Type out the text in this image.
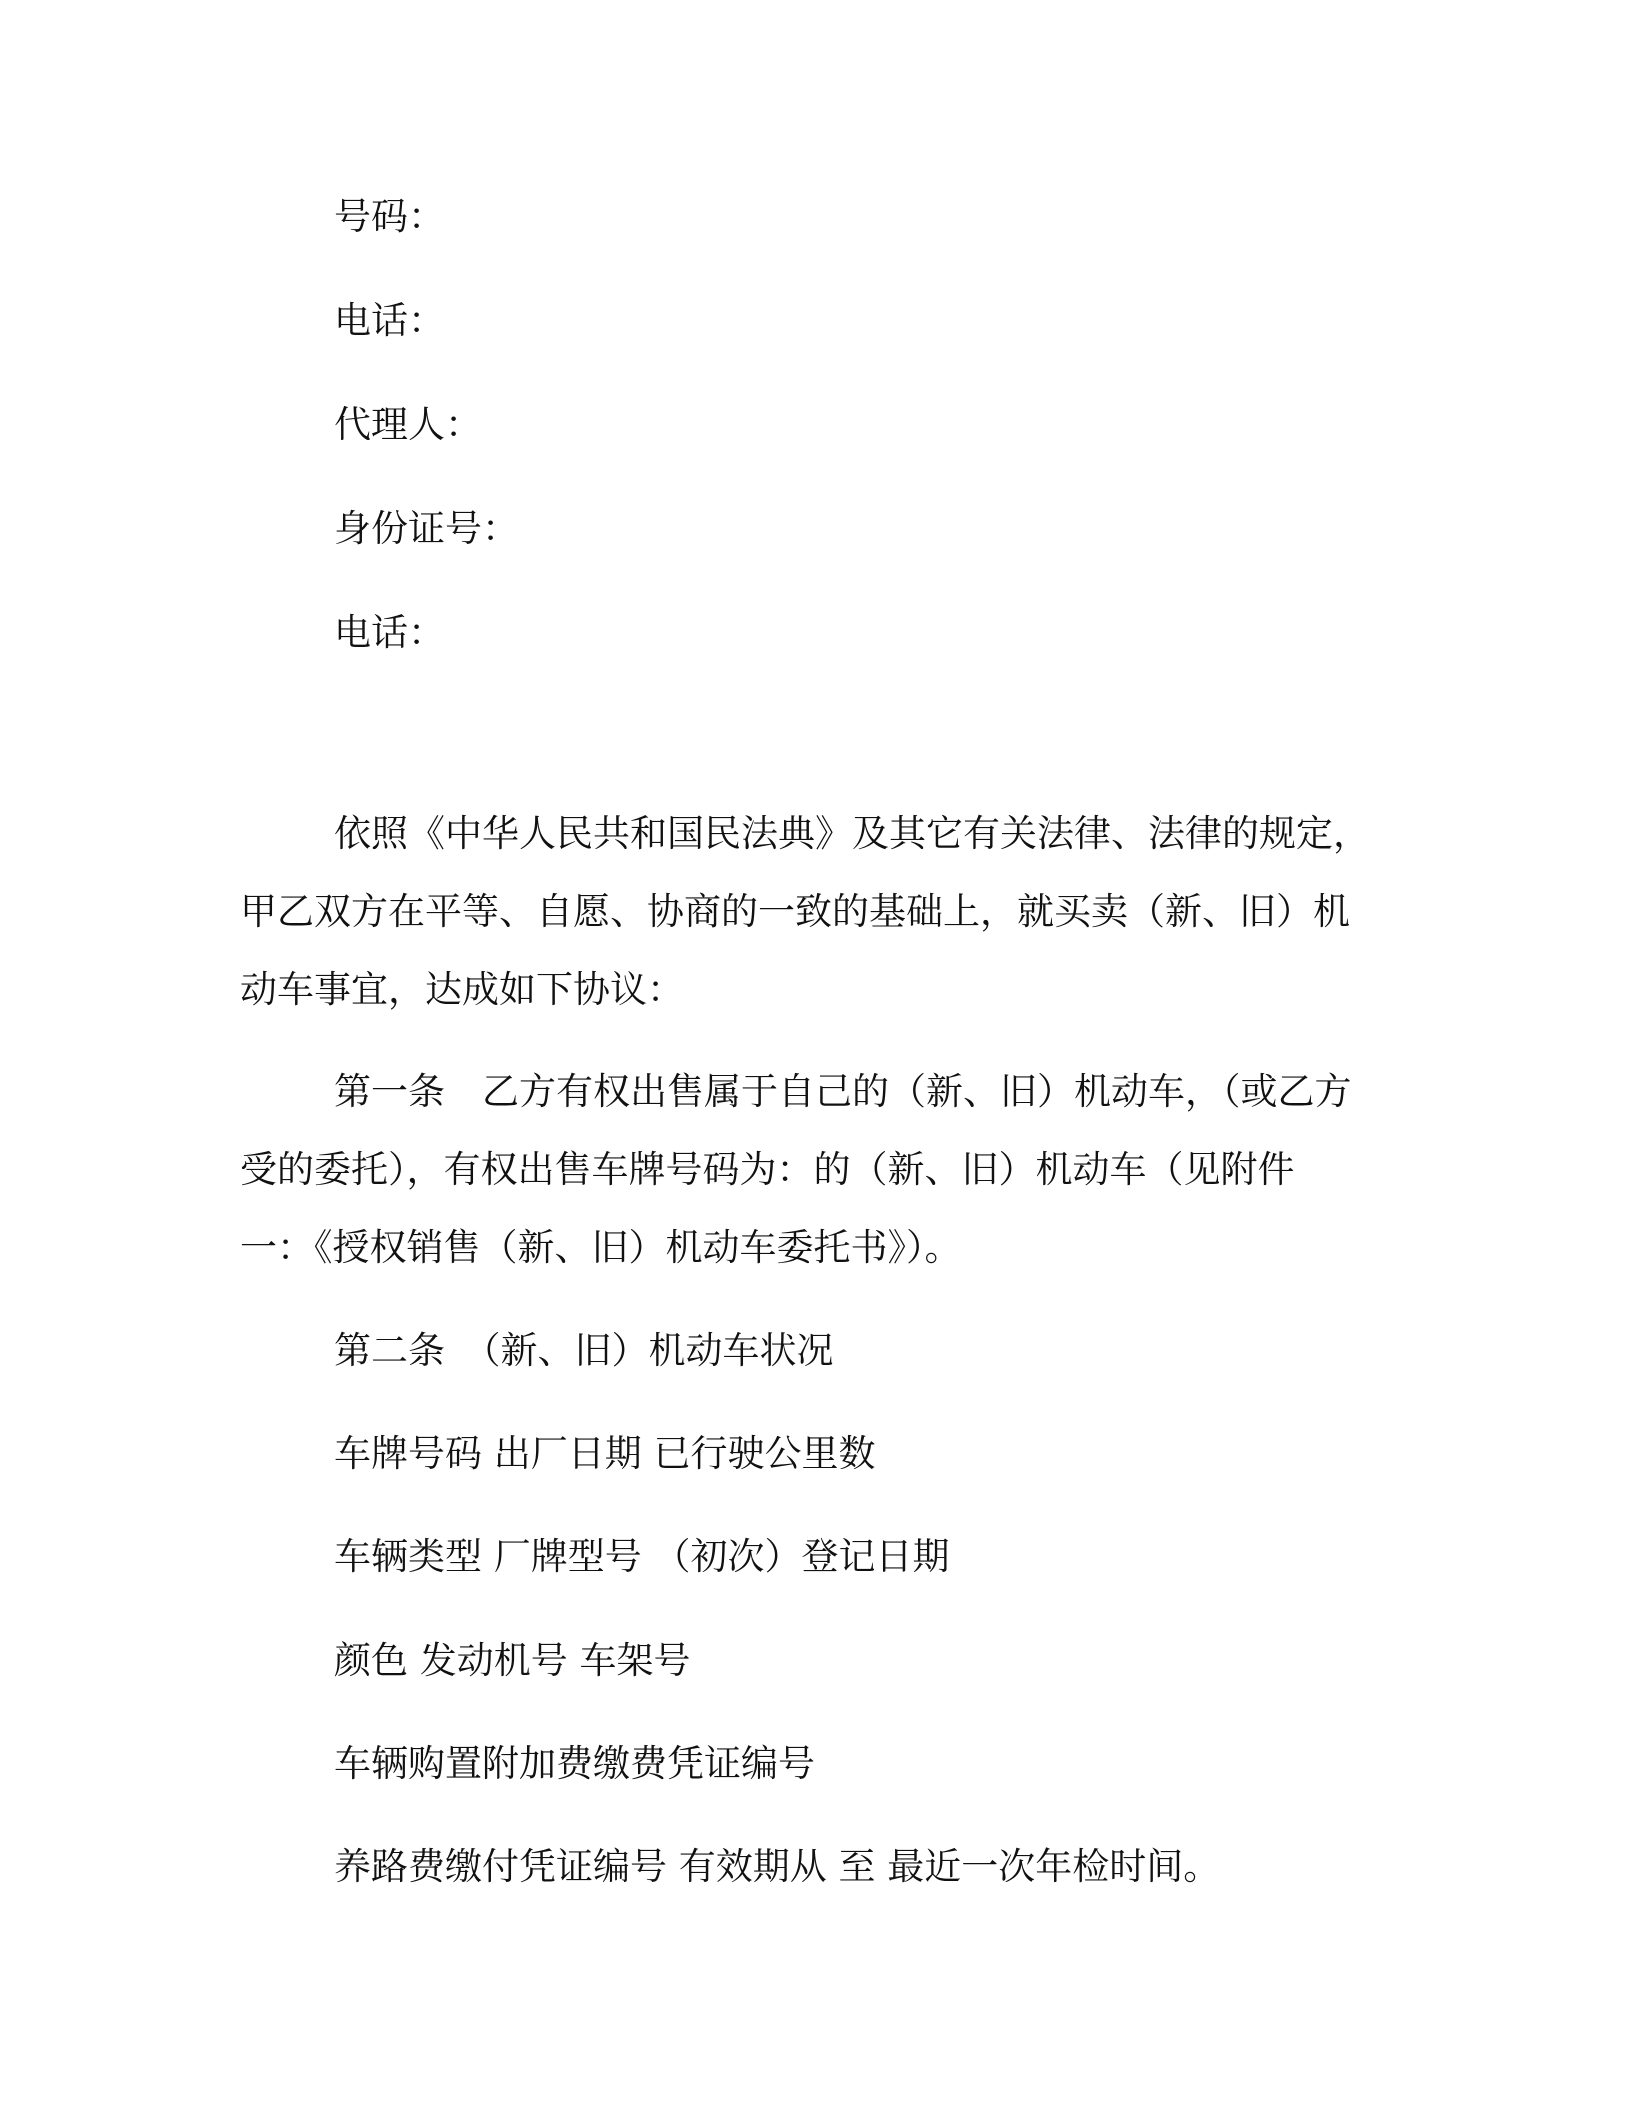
号码：
电话：
代理人：
身份证号：
电话：
依照《中华人民共和国民法典》及其它有关法律、法律的规定，
甲乙双方在平等、自愿、协商的一致的基础上，就买卖（新、旧）机
动车事宜，达成如下协议：
第一条　乙方有权出售属于自己的（新、旧）机动车，（或乙方
受的委托），有权出售车牌号码为：的（新、旧）机动车（见附件
一：《授权销售（新、旧）机动车委托书》）。
第二条　（新、旧）机动车状况
车牌号码 出厂日期 已行驶公里数
车辆类型 厂牌型号 （初次）登记日期
颜色 发动机号 车架号
车辆购置附加费缴费凭证编号
养路费缴付凭证编号 有效期从 至 最近一次年检时间。
